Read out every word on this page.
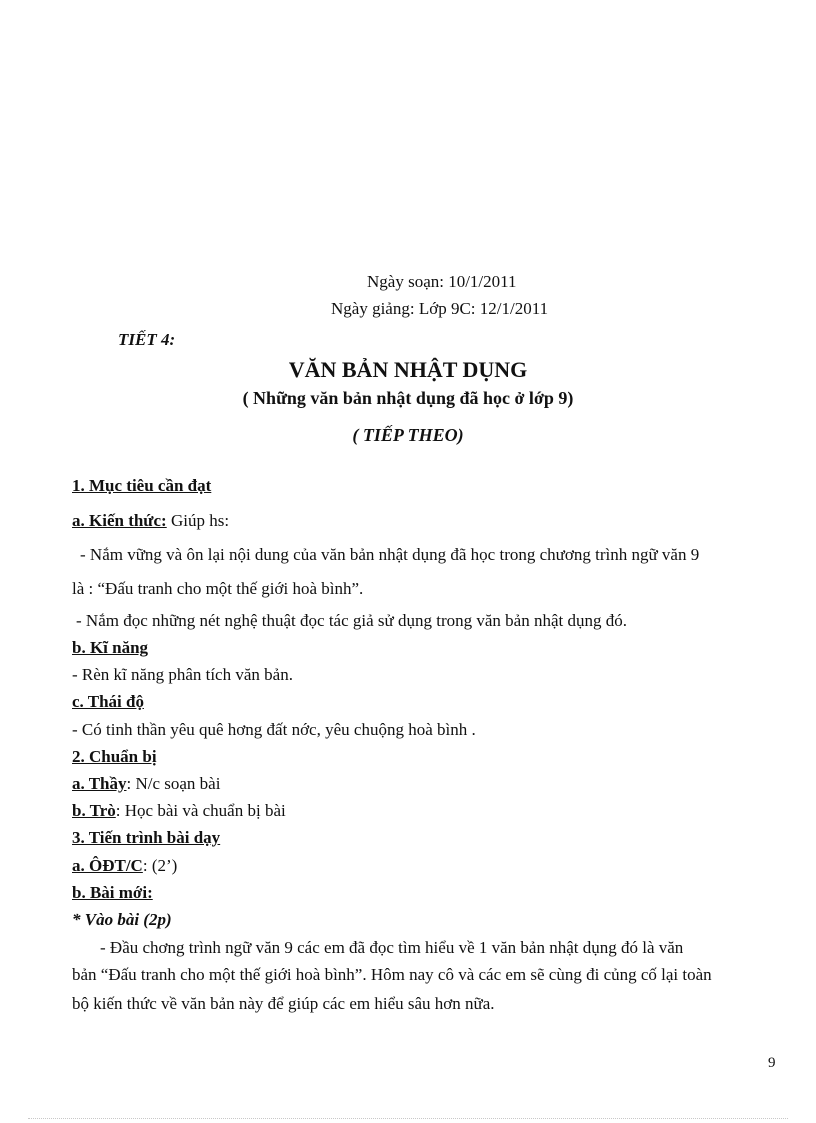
Ngày soạn: 10/1/2011
Ngày giảng: Lớp 9C: 12/1/2011
TIẾT 4:
VĂN BẢN NHẬT DỤNG
( Những văn bản nhật dụng đã học ở lớp 9)
( TIẾP THEO)
1. Mục tiêu cần đạt
a. Kiến thức: Giúp hs:
- Nắm vững và ôn lại nội dung của văn bản nhật dụng đã học trong chương trình ngữ văn 9
là : “Đấu tranh cho một thế giới hoà bình”.
- Nắm đọc những nét nghệ thuật đọc tác giả sử dụng trong văn bản nhật dụng đó.
b. Kĩ năng
- Rèn kĩ năng phân tích văn bản.
c. Thái độ
- Có tinh thần yêu quê hơng đất nớc, yêu chuộng hoà bình .
2. Chuẩn bị
a. Thầy: N/c soạn bài
b. Trò: Học bài và chuẩn bị bài
3. Tiến trình bài dạy
a. ÔĐT/C: (2’)
b. Bài mới:
* Vào bài (2p)
- Đầu chơng trình ngữ văn 9 các em đã đọc tìm hiểu về 1 văn bản nhật dụng đó là văn
bản “Đấu tranh cho một thế giới hoà bình”. Hôm nay cô và các em sẽ cùng đi củng cố lại toàn
bộ kiến thức về văn bản này để giúp các em hiểu sâu hơn nữa.
9
